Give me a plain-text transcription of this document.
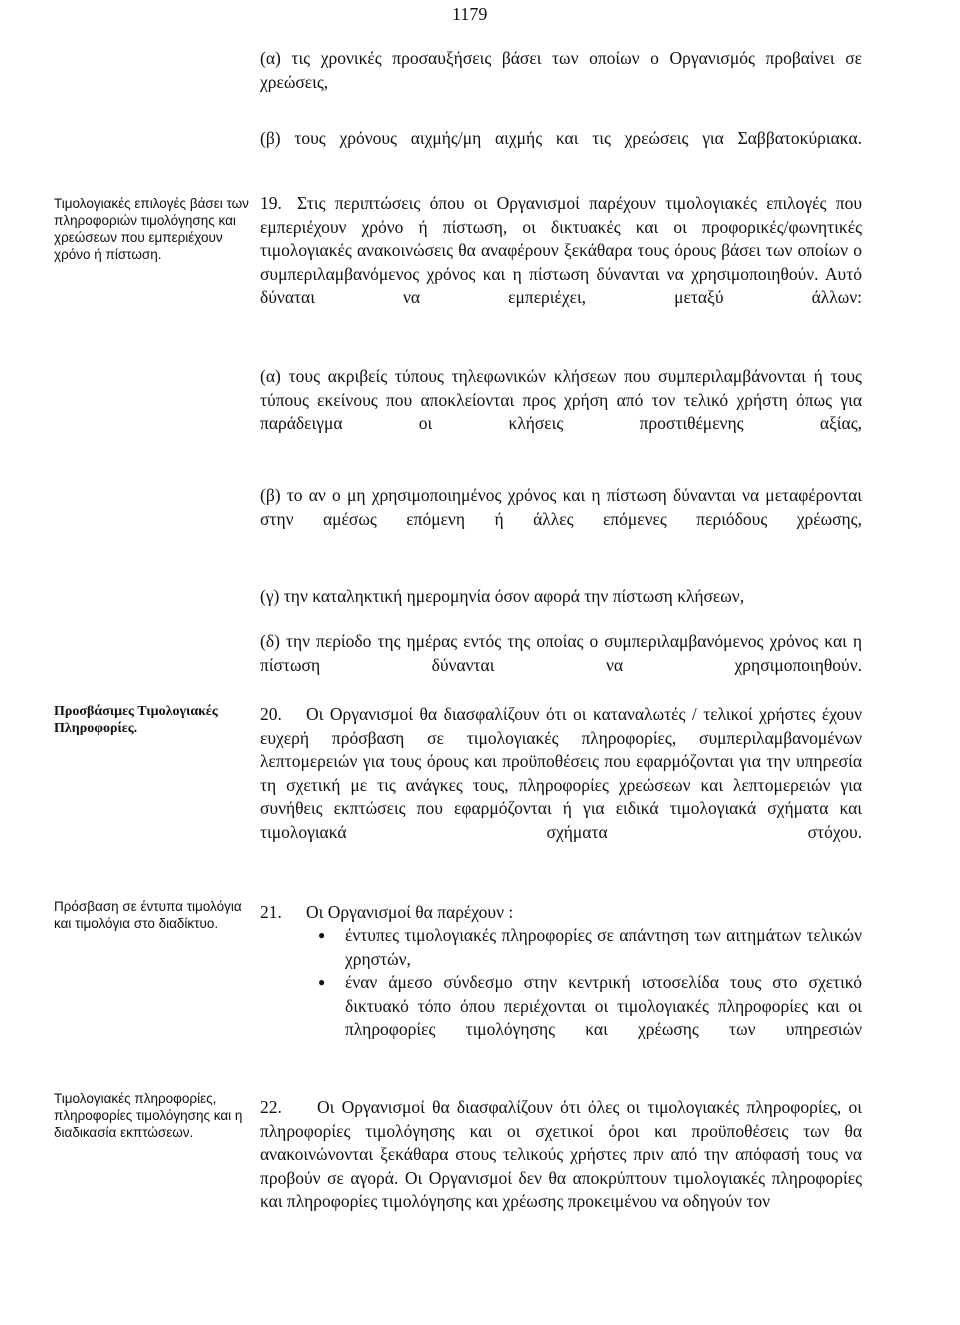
1179
(α) τις χρονικές προσαυξήσεις βάσει των οποίων ο Οργανισμός προβαίνει σε χρεώσεις,
(β) τους χρόνους αιχμής/μη αιχμής και τις χρεώσεις για Σαββατοκύριακα.
Τιμολογιακές επιλογές βάσει των πληροφοριών τιμολόγησης και χρεώσεων που εμπεριέχουν χρόνο ή πίστωση.
Προσβάσιμες Τιμολογιακές Πληροφορίες.
Πρόσβαση σε έντυπα τιμολόγια και τιμολόγια στο διαδίκτυο.
Τιμολογιακές πληροφορίες, πληροφορίες τιμολόγησης και η διαδικασία εκπτώσεων.
19. Στις περιπτώσεις όπου οι Οργανισμοί παρέχουν τιμολογιακές επιλογές που εμπεριέχουν χρόνο ή πίστωση, οι δικτυακές και οι προφορικές/φωνητικές τιμολογιακές ανακοινώσεις θα αναφέρουν ξεκάθαρα τους όρους βάσει των οποίων ο συμπεριλαμβανόμενος χρόνος και η πίστωση δύνανται να χρησιμοποιηθούν. Αυτό δύναται να εμπεριέχει, μεταξύ άλλων:
(α) τους ακριβείς τύπους τηλεφωνικών κλήσεων που συμπεριλαμβάνονται ή τους τύπους εκείνους που αποκλείονται προς χρήση από τον τελικό χρήστη όπως για παράδειγμα οι κλήσεις προστιθέμενης αξίας,
(β) το αν ο μη χρησιμοποιημένος χρόνος και η πίστωση δύνανται να μεταφέρονται στην αμέσως επόμενη ή άλλες επόμενες περιόδους χρέωσης,
(γ) την καταληκτική ημερομηνία όσον αφορά την πίστωση κλήσεων,
(δ) την περίοδο της ημέρας εντός της οποίας ο συμπεριλαμβανόμενος χρόνος και η πίστωση δύνανται να χρησιμοποιηθούν.
Οι Οργανισμοί θα διασφαλίζουν ότι οι καταναλωτές / τελικοί χρήστες έχουν ευχερή πρόσβαση σε τιμολογιακές πληροφορίες, συμπεριλαμβανομένων λεπτομερειών για τους όρους και προϋποθέσεις που εφαρμόζονται για την υπηρεσία τη σχετική με τις ανάγκες τους, πληροφορίες χρεώσεων και λεπτομερειών για συνήθεις εκπτώσεις που εφαρμόζονται ή για ειδικά τιμολογιακά σχήματα και τιμολογιακά σχήματα στόχου.
20.
21. Οι Οργανισμοί θα παρέχουν :
● έντυπες τιμολογιακές πληροφορίες σε απάντηση των αιτημάτων τελικών χρηστών,
● έναν άμεσο σύνδεσμο στην κεντρική ιστοσελίδα τους στο σχετικό δικτυακό τόπο όπου περιέχονται οι τιμολογιακές πληροφορίες και οι πληροφορίες τιμολόγησης και χρέωσης των υπηρεσιών
Οι Οργανισμοί θα διασφαλίζουν ότι όλες οι τιμολογιακές πληροφορίες, οι πληροφορίες τιμολόγησης και οι σχετικοί όροι και προϋποθέσεις των θα ανακοινώνονται ξεκάθαρα στους τελικούς χρήστες πριν από την απόφασή τους να προβούν σε αγορά. Οι Οργανισμοί δεν θα αποκρύπτουν τιμολογιακές πληροφορίες και πληροφορίες τιμολόγησης και χρέωσης προκειμένου να οδηγούν τον
22.
